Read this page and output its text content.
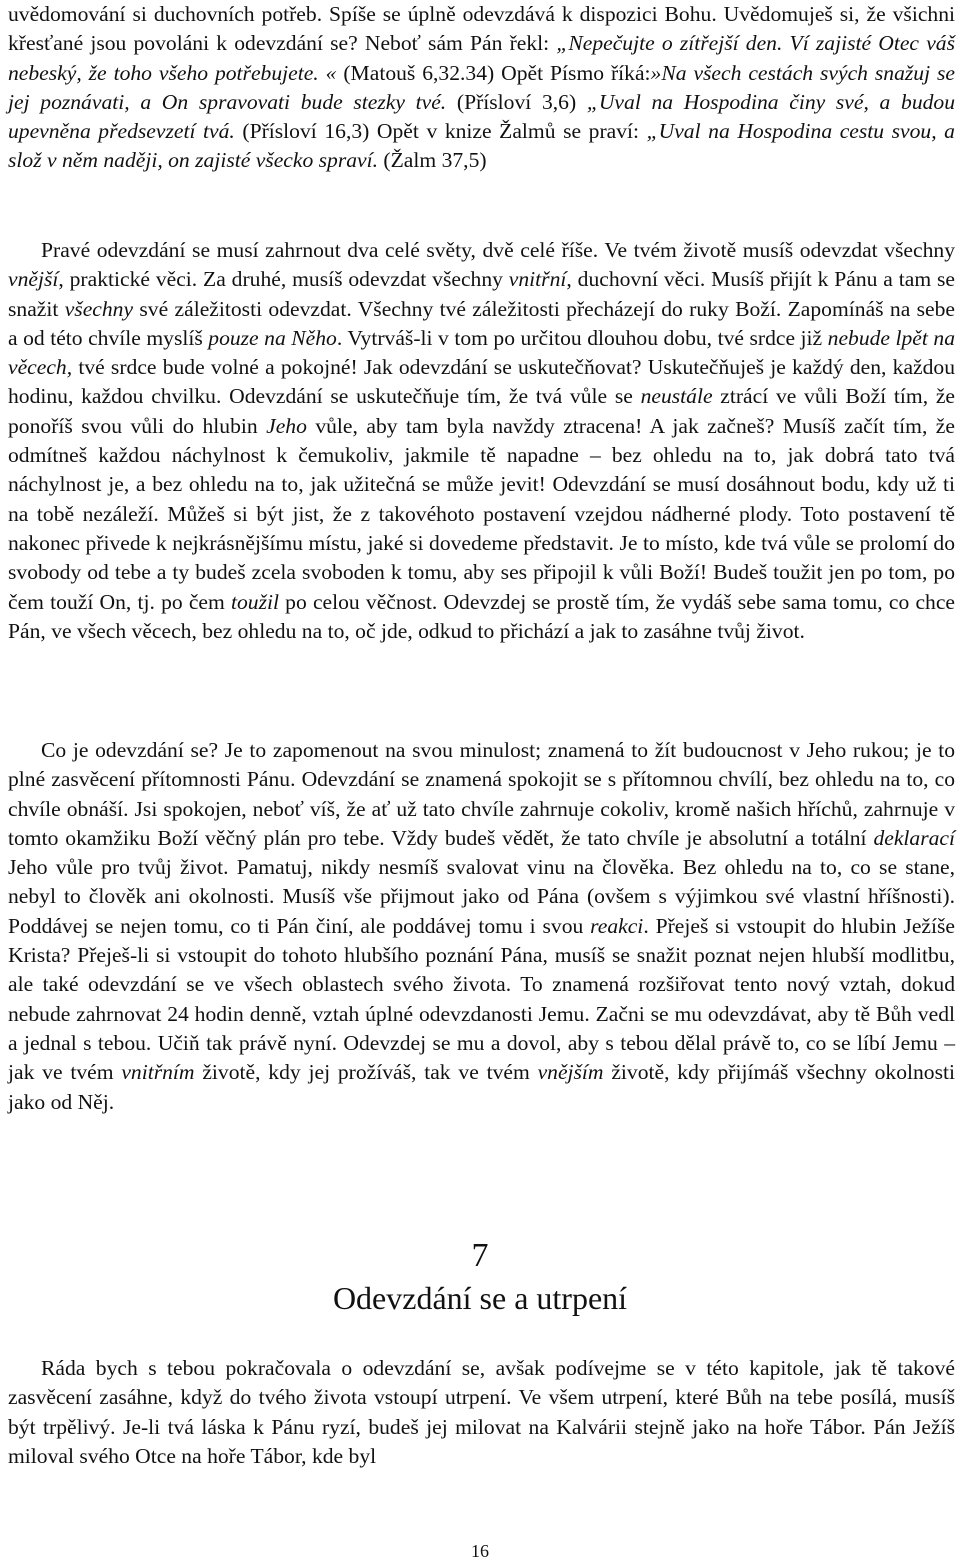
uvědomování si duchovních potřeb. Spíše se úplně odevzdává k dispozici Bohu. Uvědomuješ si, že všichni křesťané jsou povoláni k odevzdání se? Neboť sám Pán řekl: „Nepečujte o zítřejší den. Ví zajisté Otec váš nebeský, že toho všeho potřebujete. « (Matouš 6,32.34) Opět Písmo říká:»Na všech cestách svých snažuj se jej poznávati, a On spravovati bude stezky tvé. (Přísloví 3,6) „Uval na Hospodina činy své, a budou upevněna předsevzetí tvá. (Přísloví 16,3) Opět v knize Žalmů se praví: „Uval na Hospodina cestu svou, a slož v něm naději, on zajisté všecko spraví. (Žalm 37,5)

Pravé odevzdání se musí zahrnout dva celé světy, dvě celé říše. Ve tvém životě musíš odevzdat všechny vnější, praktické věci. Za druhé, musíš odevzdat všechny vnitřní, duchovní věci. Musíš přijít k Pánu a tam se snažit všechny své záležitosti odevzdat. Všechny tvé záležitosti přecházejí do ruky Boží. Zapomínáš na sebe a od této chvíle myslíš pouze na Něho. Vytrváš-li v tom po určitou dlouhou dobu, tvé srdce již nebude lpět na věcech, tvé srdce bude volné a pokojné! Jak odevzdání se uskutečňovat? Uskutečňuješ je každý den, každou hodinu, každou chvilku. Odevzdání se uskutečňuje tím, že tvá vůle se neustále ztrácí ve vůli Boží tím, že ponoříš svou vůli do hlubin Jeho vůle, aby tam byla navždy ztracena! A jak začneš? Musíš začít tím, že odmítneš každou náchylnost k čemukoliv, jakmile tě napadne – bez ohledu na to, jak dobrá tato tvá náchylnost je, a bez ohledu na to, jak užitečná se může jevit! Odevzdání se musí dosáhnout bodu, kdy už ti na tobě nezáleží. Můžeš si být jist, že z takovéhoto postavení vzejdou nádherné plody. Toto postavení tě nakonec přivede k nejkrásnějšímu místu, jaké si dovedeme představit. Je to místo, kde tvá vůle se prolomí do svobody od tebe a ty budeš zcela svoboden k tomu, aby ses připojil k vůli Boží! Budeš toužit jen po tom, po čem touží On, tj. po čem toužil po celou věčnost. Odevzdej se prostě tím, že vydáš sebe sama tomu, co chce Pán, ve všech věcech, bez ohledu na to, oč jde, odkud to přichází a jak to zasáhne tvůj život.

Co je odevzdání se? Je to zapomenout na svou minulost; znamená to žít budoucnost v Jeho rukou; je to plné zasvěcení přítomnosti Pánu. Odevzdání se znamená spokojit se s přítomnou chvílí, bez ohledu na to, co chvíle obnáší. Jsi spokojen, neboť víš, že ať už tato chvíle zahrnuje cokoliv, kromě našich hříchů, zahrnuje v tomto okamžiku Boží věčný plán pro tebe. Vždy budeš vědět, že tato chvíle je absolutní a totální deklarací Jeho vůle pro tvůj život. Pamatuj, nikdy nesmíš svalovat vinu na člověka. Bez ohledu na to, co se stane, nebyl to člověk ani okolnosti. Musíš vše přijmout jako od Pána (ovšem s výjimkou své vlastní hříšnosti). Poddávej se nejen tomu, co ti Pán činí, ale poddávej tomu i svou reakci. Přeješ si vstoupit do hlubin Ježíše Krista? Přeješ-li si vstoupit do tohoto hlubšího poznání Pána, musíš se snažit poznat nejen hlubší modlitbu, ale také odevzdání se ve všech oblastech svého života. To znamená rozšiřovat tento nový vztah, dokud nebude zahrnovat 24 hodin denně, vztah úplné odevzdanosti Jemu. Začni se mu odevzdávat, aby tě Bůh vedl a jednal s tebou. Učiň tak právě nyní. Odevzdej se mu a dovol, aby s tebou dělal právě to, co se líbí Jemu – jak ve tvém vnitřním životě, kdy jej prožíváš, tak ve tvém vnějším životě, kdy přijímáš všechny okolnosti jako od Něj.

7
Odevzdání se a utrpení

Ráda bych s tebou pokračovala o odevzdání se, avšak podívejme se v této kapitole, jak tě takové zasvěcení zasáhne, když do tvého života vstoupí utrpení. Ve všem utrpení, které Bůh na tebe posílá, musíš být trpělivý. Je-li tvá láska k Pánu ryzí, budeš jej milovat na Kalvárii stejně jako na hoře Tábor. Pán Ježíš miloval svého Otce na hoře Tábor, kde byl

16
